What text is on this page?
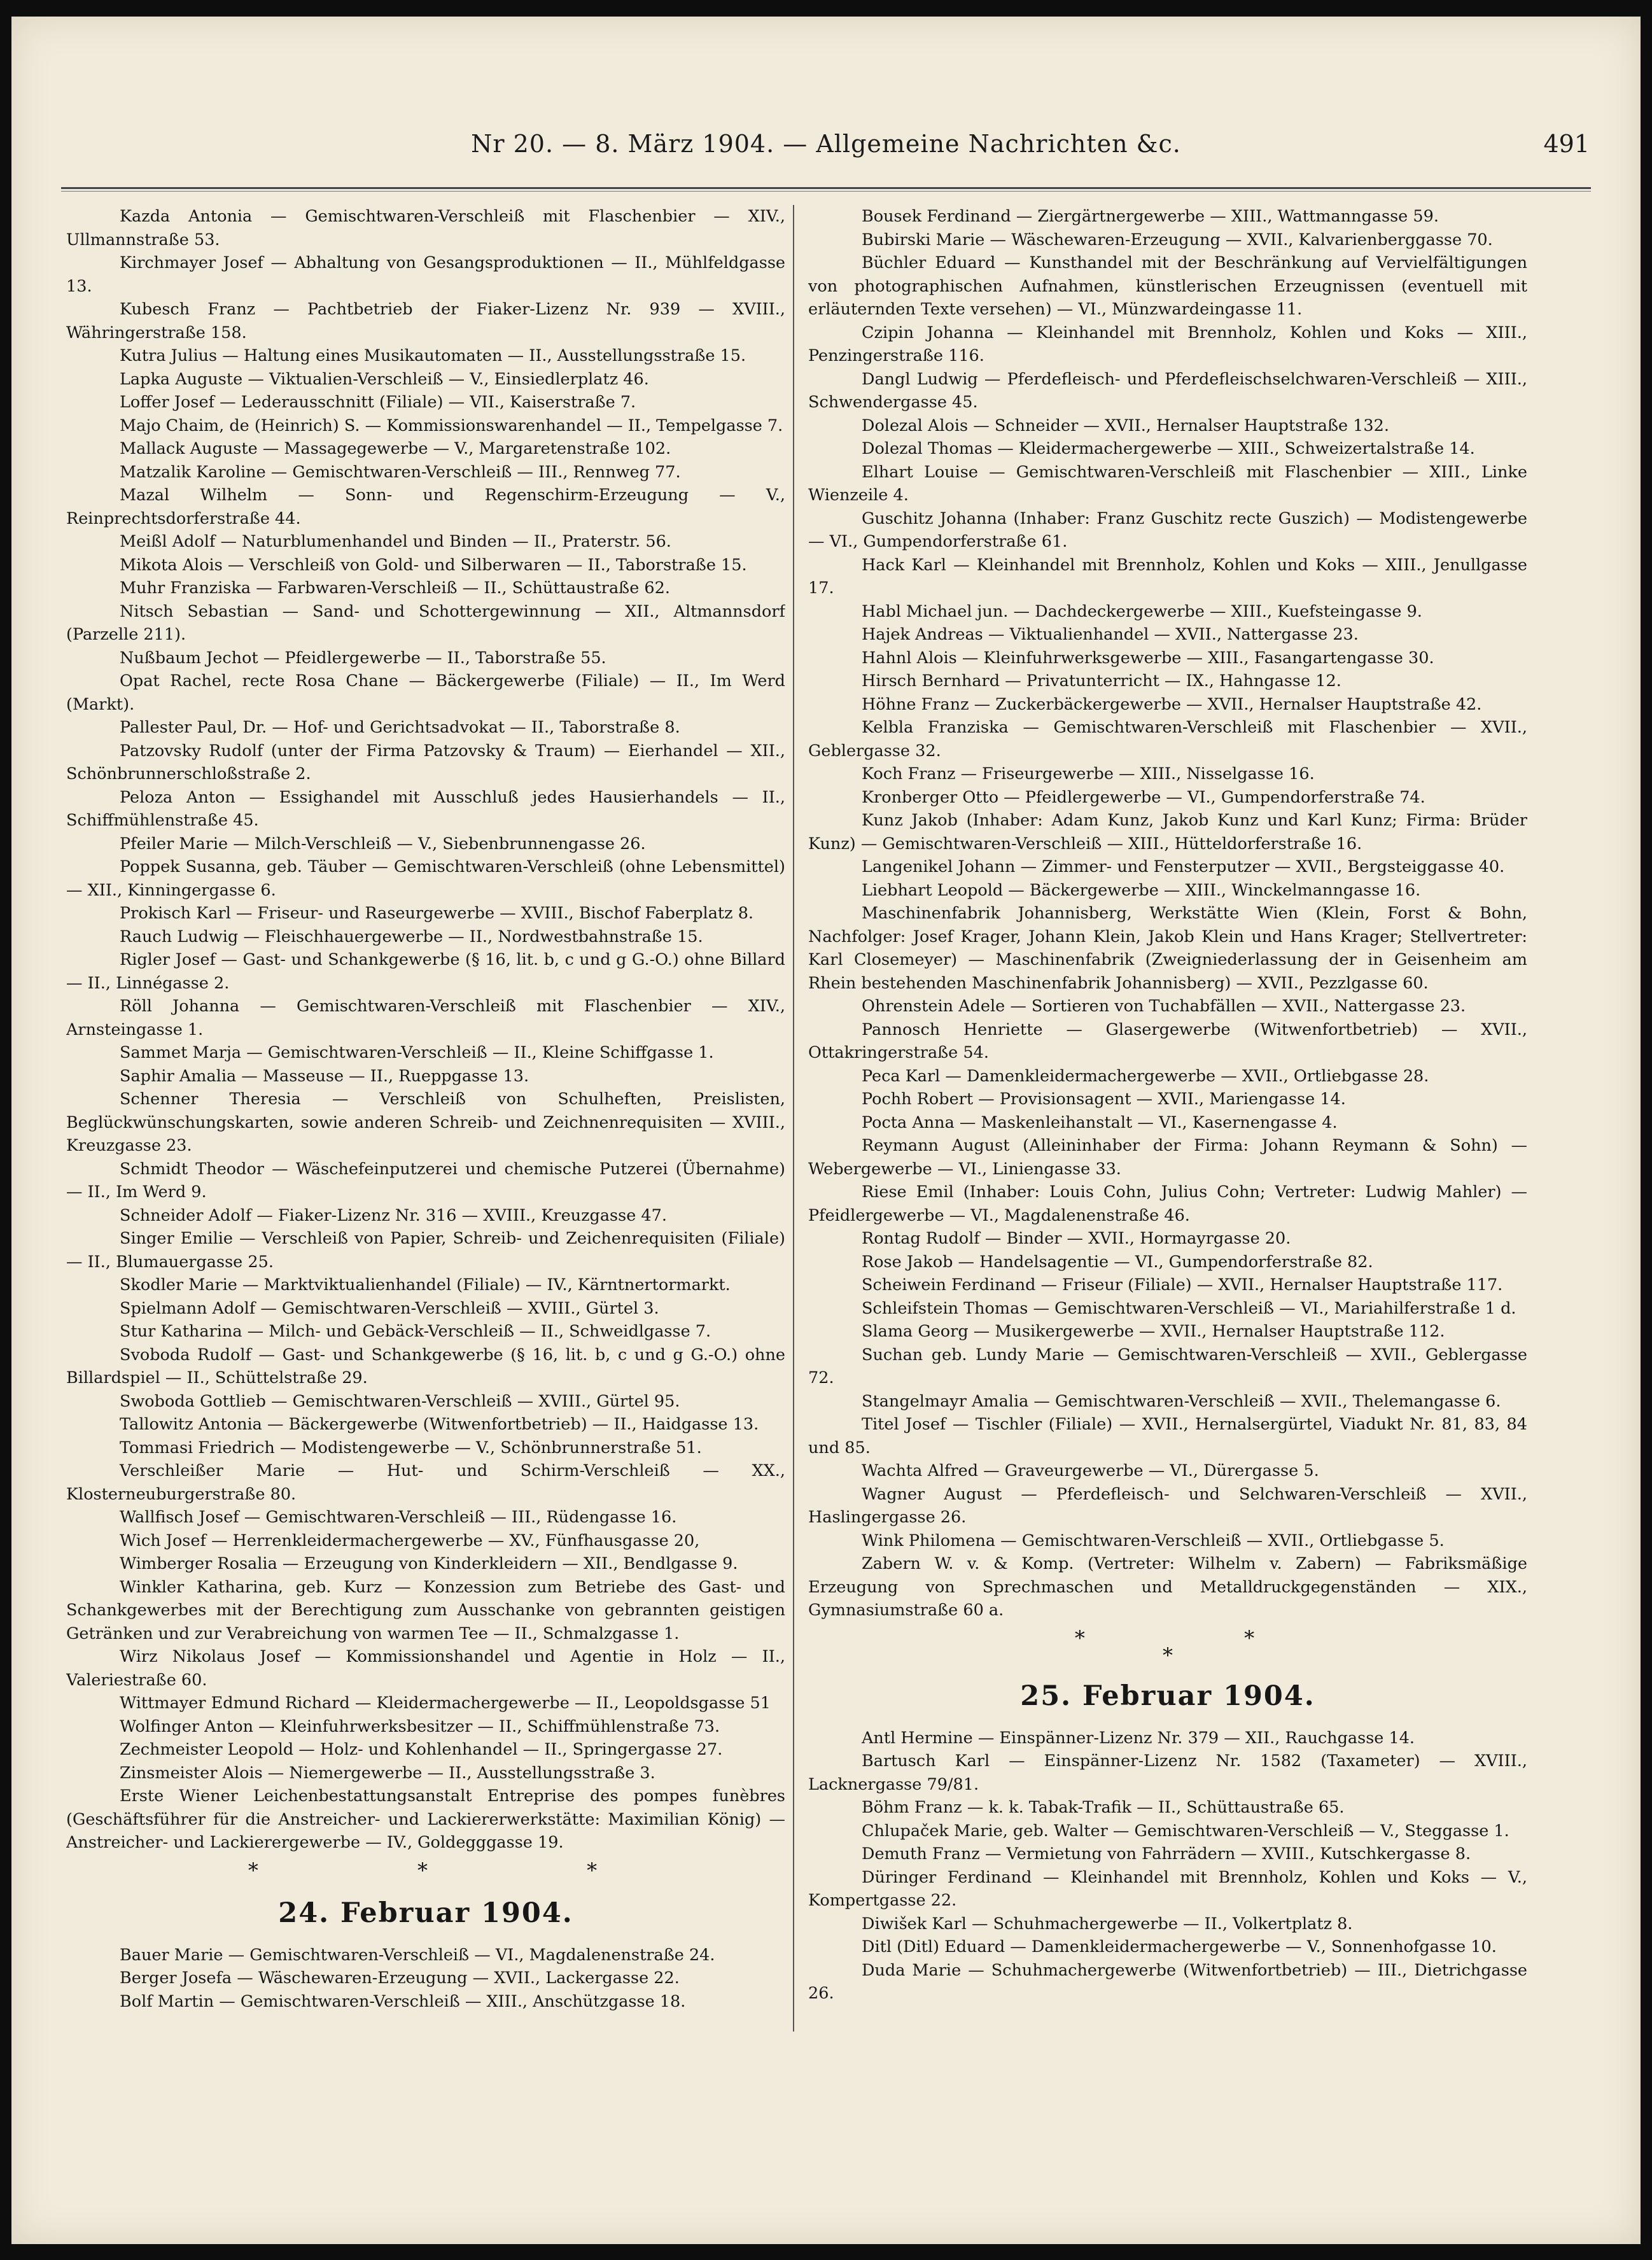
Nr 20. — 8. März 1904. — Allgemeine Nachrichten &c.	491

Kazda Antonia — Gemischtwaren-Verschleiß mit Flaschenbier — XIV., Ullmannstraße 53.

Kirchmayer Josef — Abhaltung von Gesangsproduktionen — II., Mühlfeldgasse 13.

Kubesch Franz — Pachtbetrieb der Fiaker-Lizenz Nr. 939 — XVIII., Währingerstraße 158.

Kutra Julius — Haltung eines Musikautomaten — II., Ausstellungsstraße 15.

Lapka Auguste — Viktualien-Verschleiß — V., Einsiedlerplatz 46.

Loffer Josef — Lederausschnitt (Filiale) — VII., Kaiserstraße 7.

Majo Chaim, de (Heinrich) S. — Kommissionswarenhandel — II., Tempelgasse 7.

Mallack Auguste — Massagegewerbe — V., Margaretenstraße 102.

Matzalik Karoline — Gemischtwaren-Verschleiß — III., Rennweg 77.

Mazal Wilhelm — Sonn- und Regenschirm-Erzeugung — V., Reinprechtsdorferstraße 44.

Meißl Adolf — Naturblumenhandel und Binden — II., Praterstr. 56.

Mikota Alois — Verschleiß von Gold- und Silberwaren — II., Taborstraße 15.

Muhr Franziska — Farbwaren-Verschleiß — II., Schüttaustraße 62.

Nitsch Sebastian — Sand- und Schottergewinnung — XII., Altmannsdorf (Parzelle 211).

Nußbaum Jechot — Pfeidlergewerbe — II., Taborstraße 55.

Opat Rachel, recte Rosa Chane — Bäckergewerbe (Filiale) — II., Im Werd (Markt).

Pallester Paul, Dr. — Hof- und Gerichtsadvokat — II., Taborstraße 8.

Patzovsky Rudolf (unter der Firma Patzovsky & Traum) — Eierhandel — XII., Schönbrunnerschloßstraße 2.

Peloza Anton — Essighandel mit Ausschluß jedes Hausierhandels — II., Schiffmühlenstraße 45.

Pfeiler Marie — Milch-Verschleiß — V., Siebenbrunnengasse 26.

Poppek Susanna, geb. Täuber — Gemischtwaren-Verschleiß (ohne Lebensmittel) — XII., Kinningergasse 6.

Prokisch Karl — Friseur- und Raseurgewerbe — XVIII., Bischof Faberplatz 8.

Rauch Ludwig — Fleischhauergewerbe — II., Nordwestbahnstraße 15.

Rigler Josef — Gast- und Schankgewerbe (§ 16, lit. b, c und g G.-O.) ohne Billard — II., Linnégasse 2.

Röll Johanna — Gemischtwaren-Verschleiß mit Flaschenbier — XIV., Arnsteingasse 1.

Sammet Marja — Gemischtwaren-Verschleiß — II., Kleine Schiffgasse 1.

Saphir Amalia — Masseuse — II., Rueppgasse 13.

Schenner Theresia — Verschleiß von Schulheften, Preislisten, Beglückwünschungskarten, sowie anderen Schreib- und Zeichnenrequisiten — XVIII., Kreuzgasse 23.

Schmidt Theodor — Wäschefeinputzerei und chemische Putzerei (Übernahme) — II., Im Werd 9.

Schneider Adolf — Fiaker-Lizenz Nr. 316 — XVIII., Kreuzgasse 47.

Singer Emilie — Verschleiß von Papier, Schreib- und Zeichenrequisiten (Filiale) — II., Blumauergasse 25.

Skodler Marie — Marktviktualienhandel (Filiale) — IV., Kärntnertormarkt.

Spielmann Adolf — Gemischtwaren-Verschleiß — XVIII., Gürtel 3.

Stur Katharina — Milch- und Gebäck-Verschleiß — II., Schweidlgasse 7.

Svoboda Rudolf — Gast- und Schankgewerbe (§ 16, lit. b, c und g G.-O.) ohne Billardspiel — II., Schüttelstraße 29.

Swoboda Gottlieb — Gemischtwaren-Verschleiß — XVIII., Gürtel 95.

Tallowitz Antonia — Bäckergewerbe (Witwenfortbetrieb) — II., Haidgasse 13.

Tommasi Friedrich — Modistengewerbe — V., Schönbrunnerstraße 51.

Verschleißer Marie — Hut- und Schirm-Verschleiß — XX., Klosterneuburgerstraße 80.

Wallfisch Josef — Gemischtwaren-Verschleiß — III., Rüdengasse 16.

Wich Josef — Herrenkleidermachergewerbe — XV., Fünfhausgasse 20,

Wimberger Rosalia — Erzeugung von Kinderkleidern — XII., Bendlgasse 9.

Winkler Katharina, geb. Kurz — Konzession zum Betriebe des Gast- und Schankgewerbes mit der Berechtigung zum Ausschanke von gebrannten geistigen Getränken und zur Verabreichung von warmen Tee — II., Schmalzgasse 1.

Wirz Nikolaus Josef — Kommissionshandel und Agentie in Holz — II., Valeriestraße 60.

Wittmayer Edmund Richard — Kleidermachergewerbe — II., Leopoldsgasse 51

Wolfinger Anton — Kleinfuhrwerksbesitzer — II., Schiffmühlenstraße 73.

Zechmeister Leopold — Holz- und Kohlenhandel — II., Springergasse 27.

Zinsmeister Alois — Niemergewerbe — II., Ausstellungsstraße 3.

Erste Wiener Leichenbestattungsanstalt Entreprise des pompes funèbres (Geschäftsführer für die Anstreicher- und Lackiererwerkstätte: Maximilian König) — Anstreicher- und Lackierergewerbe — IV., Goldegggasse 19.

* * *
24. Februar 1904.

Bauer Marie — Gemischtwaren-Verschleiß — VI., Magdalenenstraße 24.

Berger Josefa — Wäschewaren-Erzeugung — XVII., Lackergasse 22.

Bolf Martin — Gemischtwaren-Verschleiß — XIII., Anschützgasse 18.

Bousek Ferdinand — Ziergärtnergewerbe — XIII., Wattmanngasse 59.

Bubirski Marie — Wäschewaren-Erzeugung — XVII., Kalvarienberggasse 70.

Büchler Eduard — Kunsthandel mit der Beschränkung auf Vervielfältigungen von photographischen Aufnahmen, künstlerischen Erzeugnissen (eventuell mit erläuternden Texte versehen) — VI., Münzwardeingasse 11.

Czipin Johanna — Kleinhandel mit Brennholz, Kohlen und Koks — XIII., Penzingerstraße 116.

Dangl Ludwig — Pferdefleisch- und Pferdefleischselchwaren-Verschleiß — XIII., Schwendergasse 45.

Dolezal Alois — Schneider — XVII., Hernalser Hauptstraße 132.

Dolezal Thomas — Kleidermachergewerbe — XIII., Schweizertalstraße 14.

Elhart Louise — Gemischtwaren-Verschleiß mit Flaschenbier — XIII., Linke Wienzeile 4.

Guschitz Johanna (Inhaber: Franz Guschitz recte Guszich) — Modistengewerbe — VI., Gumpendorferstraße 61.

Hack Karl — Kleinhandel mit Brennholz, Kohlen und Koks — XIII., Jenullgasse 17.

Habl Michael jun. — Dachdeckergewerbe — XIII., Kuefsteingasse 9.

Hajek Andreas — Viktualienhandel — XVII., Nattergasse 23.

Hahnl Alois — Kleinfuhrwerksgewerbe — XIII., Fasangartengasse 30.

Hirsch Bernhard — Privatunterricht — IX., Hahngasse 12.

Höhne Franz — Zuckerbäckergewerbe — XVII., Hernalser Hauptstraße 42.

Kelbla Franziska — Gemischtwaren-Verschleiß mit Flaschenbier — XVII., Geblergasse 32.

Koch Franz — Friseurgewerbe — XIII., Nisselgasse 16.

Kronberger Otto — Pfeidlergewerbe — VI., Gumpendorferstraße 74.

Kunz Jakob (Inhaber: Adam Kunz, Jakob Kunz und Karl Kunz; Firma: Brüder Kunz) — Gemischtwaren-Verschleiß — XIII., Hütteldorferstraße 16.

Langenikel Johann — Zimmer- und Fensterputzer — XVII., Bergsteiggasse 40.

Liebhart Leopold — Bäckergewerbe — XIII., Winckelmanngasse 16.

Maschinenfabrik Johannisberg, Werkstätte Wien (Klein, Forst & Bohn, Nachfolger: Josef Krager, Johann Klein, Jakob Klein und Hans Krager; Stellvertreter: Karl Closemeyer) — Maschinenfabrik (Zweigniederlassung der in Geisenheim am Rhein bestehenden Maschinenfabrik Johannisberg) — XVII., Pezzlgasse 60.

Ohrenstein Adele — Sortieren von Tuchabfällen — XVII., Nattergasse 23.

Pannosch Henriette — Glasergewerbe (Witwenfortbetrieb) — XVII., Ottakringerstraße 54.

Peca Karl — Damenkleidermachergewerbe — XVII., Ortliebgasse 28.

Pochh Robert — Provisionsagent — XVII., Mariengasse 14.

Pocta Anna — Maskenleihanstalt — VI., Kasernengasse 4.

Reymann August (Alleininhaber der Firma: Johann Reymann & Sohn) — Webergewerbe — VI., Liniengasse 33.

Riese Emil (Inhaber: Louis Cohn, Julius Cohn; Vertreter: Ludwig Mahler) — Pfeidlergewerbe — VI., Magdalenenstraße 46.

Rontag Rudolf — Binder — XVII., Hormayrgasse 20.

Rose Jakob — Handelsagentie — VI., Gumpendorferstraße 82.

Scheiwein Ferdinand — Friseur (Filiale) — XVII., Hernalser Hauptstraße 117.

Schleifstein Thomas — Gemischtwaren-Verschleiß — VI., Mariahilferstraße 1 d.

Slama Georg — Musikergewerbe — XVII., Hernalser Hauptstraße 112.

Suchan geb. Lundy Marie — Gemischtwaren-Verschleiß — XVII., Geblergasse 72.

Stangelmayr Amalia — Gemischtwaren-Verschleiß — XVII., Thelemangasse 6.

Titel Josef — Tischler (Filiale) — XVII., Hernalsergürtel, Viadukt Nr. 81, 83, 84 und 85.

Wachta Alfred — Graveurgewerbe — VI., Dürergasse 5.

Wagner August — Pferdefleisch- und Selchwaren-Verschleiß — XVII., Haslingergasse 26.

Wink Philomena — Gemischtwaren-Verschleiß — XVII., Ortliebgasse 5.

Zabern W. v. & Komp. (Vertreter: Wilhelm v. Zabern) — Fabriksmäßige Erzeugung von Sprechmaschen und Metalldruckgegenständen — XIX., Gymnasiumstraße 60 a.

* *
*
25. Februar 1904.

Antl Hermine — Einspänner-Lizenz Nr. 379 — XII., Rauchgasse 14.

Bartusch Karl — Einspänner-Lizenz Nr. 1582 (Taxameter) — XVIII., Lacknergasse 79/81.

Böhm Franz — k. k. Tabak-Trafik — II., Schüttaustraße 65.

Chlupaček Marie, geb. Walter — Gemischtwaren-Verschleiß — V., Steggasse 1.

Demuth Franz — Vermietung von Fahrrädern — XVIII., Kutschkergasse 8.

Düringer Ferdinand — Kleinhandel mit Brennholz, Kohlen und Koks — V., Kompertgasse 22.

Diwišek Karl — Schuhmachergewerbe — II., Volkertplatz 8.

Ditl (Ditl) Eduard — Damenkleidermachergewerbe — V., Sonnenhofgasse 10.

Duda Marie — Schuhmachergewerbe (Witwenfortbetrieb) — III., Dietrichgasse 26.
